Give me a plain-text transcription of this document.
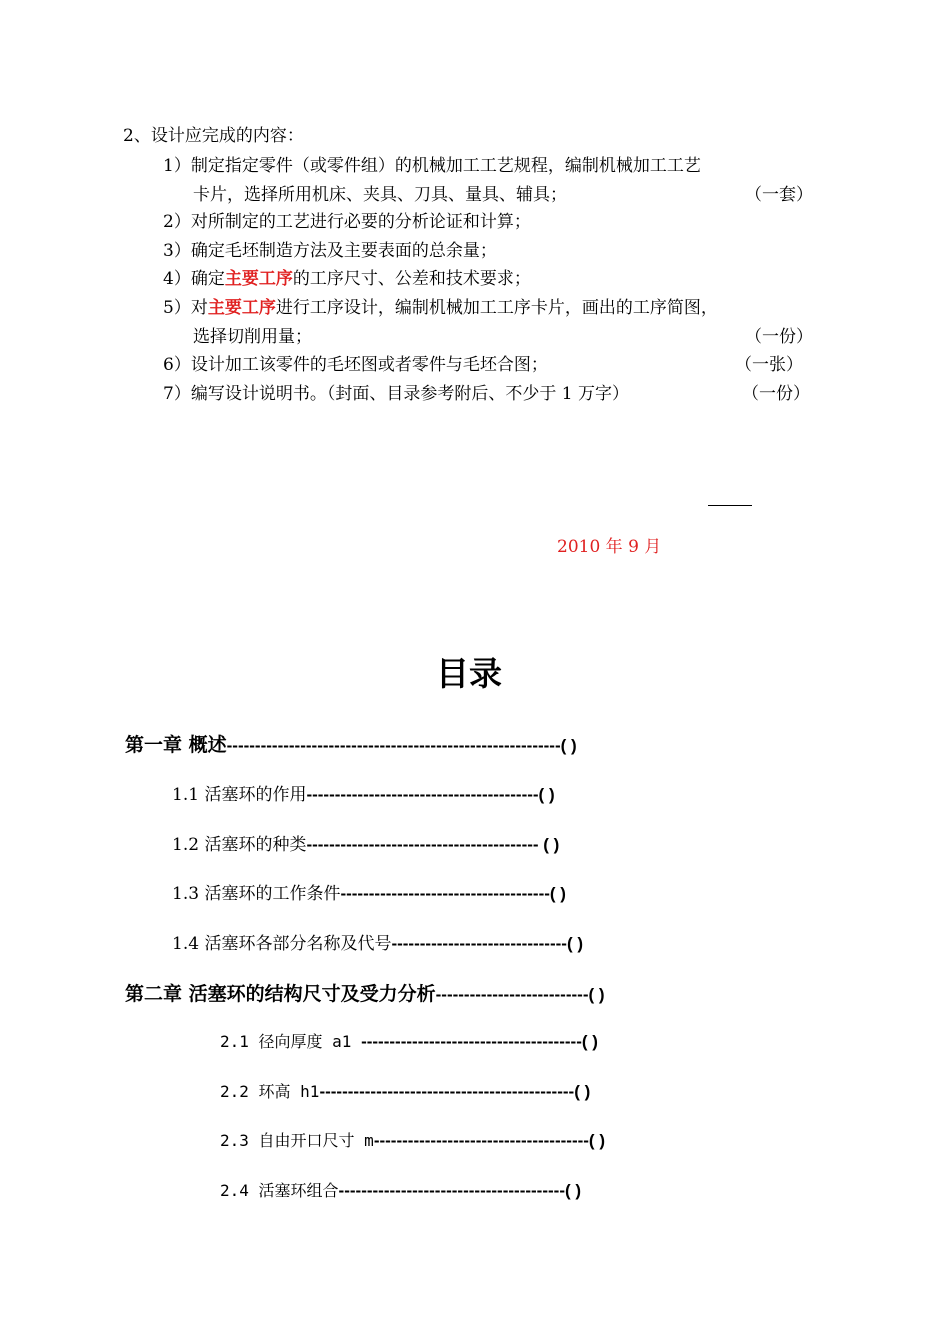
2、设计应完成的内容：
1）制定指定零件（或零件组）的机械加工工艺规程，编制机械加工工艺
卡片，选择所用机床、夹具、刀具、量具、辅具；	（一套）
2）对所制定的工艺进行必要的分析论证和计算；
3）确定毛坯制造方法及主要表面的总余量；
4）确定主要工序的工序尺寸、公差和技术要求；
5）对主要工序进行工序设计，编制机械加工工序卡片，画出的工序简图，
选择切削用量；	（一份）
6）设计加工该零件的毛坯图或者零件与毛坯合图；	（一张）
7）编写设计说明书。（封面、目录参考附后、不少于 1 万字）	（一份）
2010 年 9 月
目录
第一章 概述-----------------------------------------------------------( )
1.1 活塞环的作用-----------------------------------------( )
1.2 活塞环的种类----------------------------------------- ( )
1.3 活塞环的工作条件-------------------------------------( )
1.4 活塞环各部分名称及代号-------------------------------( )
第二章 活塞环的结构尺寸及受力分析---------------------------( )
2.1 径向厚度 a1 ---------------------------------------( )
2.2 环高 h1---------------------------------------------( )
2.3 自由开口尺寸 m--------------------------------------( )
2.4 活塞环组合----------------------------------------( )
